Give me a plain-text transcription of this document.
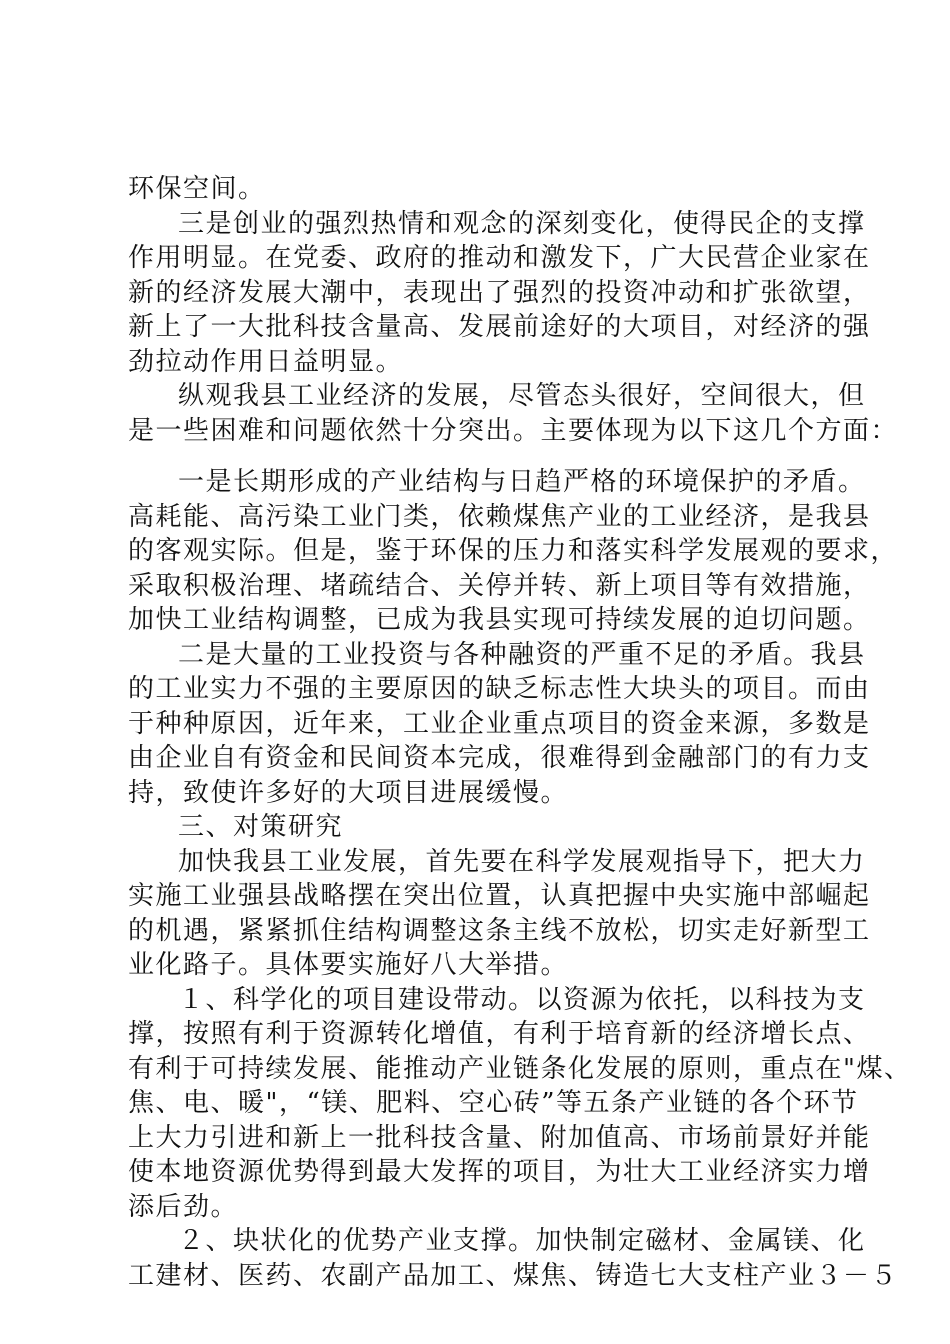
环保空间。
三是创业的强烈热情和观念的深刻变化，使得民企的支撑
作用明显。在党委、政府的推动和激发下，广大民营企业家在
新的经济发展大潮中，表现出了强烈的投资冲动和扩张欲望，
新上了一大批科技含量高、发展前途好的大项目，对经济的强
劲拉动作用日益明显。
纵观我县工业经济的发展，尽管态头很好，空间很大，但
是一些困难和问题依然十分突出。主要体现为以下这几个方面：
一是长期形成的产业结构与日趋严格的环境保护的矛盾。
高耗能、高污染工业门类，依赖煤焦产业的工业经济，是我县
的客观实际。但是，鉴于环保的压力和落实科学发展观的要求，
采取积极治理、堵疏结合、关停并转、新上项目等有效措施，
加快工业结构调整，已成为我县实现可持续发展的迫切问题。
二是大量的工业投资与各种融资的严重不足的矛盾。我县
的工业实力不强的主要原因的缺乏标志性大块头的项目。而由
于种种原因，近年来，工业企业重点项目的资金来源，多数是
由企业自有资金和民间资本完成，很难得到金融部门的有力支
持，致使许多好的大项目进展缓慢。
三、对策研究
加快我县工业发展，首先要在科学发展观指导下，把大力
实施工业强县战略摆在突出位置，认真把握中央实施中部崛起
的机遇，紧紧抓住结构调整这条主线不放松，切实走好新型工
业化路子。具体要实施好八大举措。
１、科学化的项目建设带动。以资源为依托，以科技为支
撑，按照有利于资源转化增值，有利于培育新的经济增长点、
有利于可持续发展、能推动产业链条化发展的原则，重点在"煤、
焦、电、暖"，“镁、肥料、空心砖”等五条产业链的各个环节
上大力引进和新上一批科技含量、附加值高、市场前景好并能
使本地资源优势得到最大发挥的项目，为壮大工业经济实力增
添后劲。
２、块状化的优势产业支撑。加快制定磁材、金属镁、化
工建材、医药、农副产品加工、煤焦、铸造七大支柱产业３－５
